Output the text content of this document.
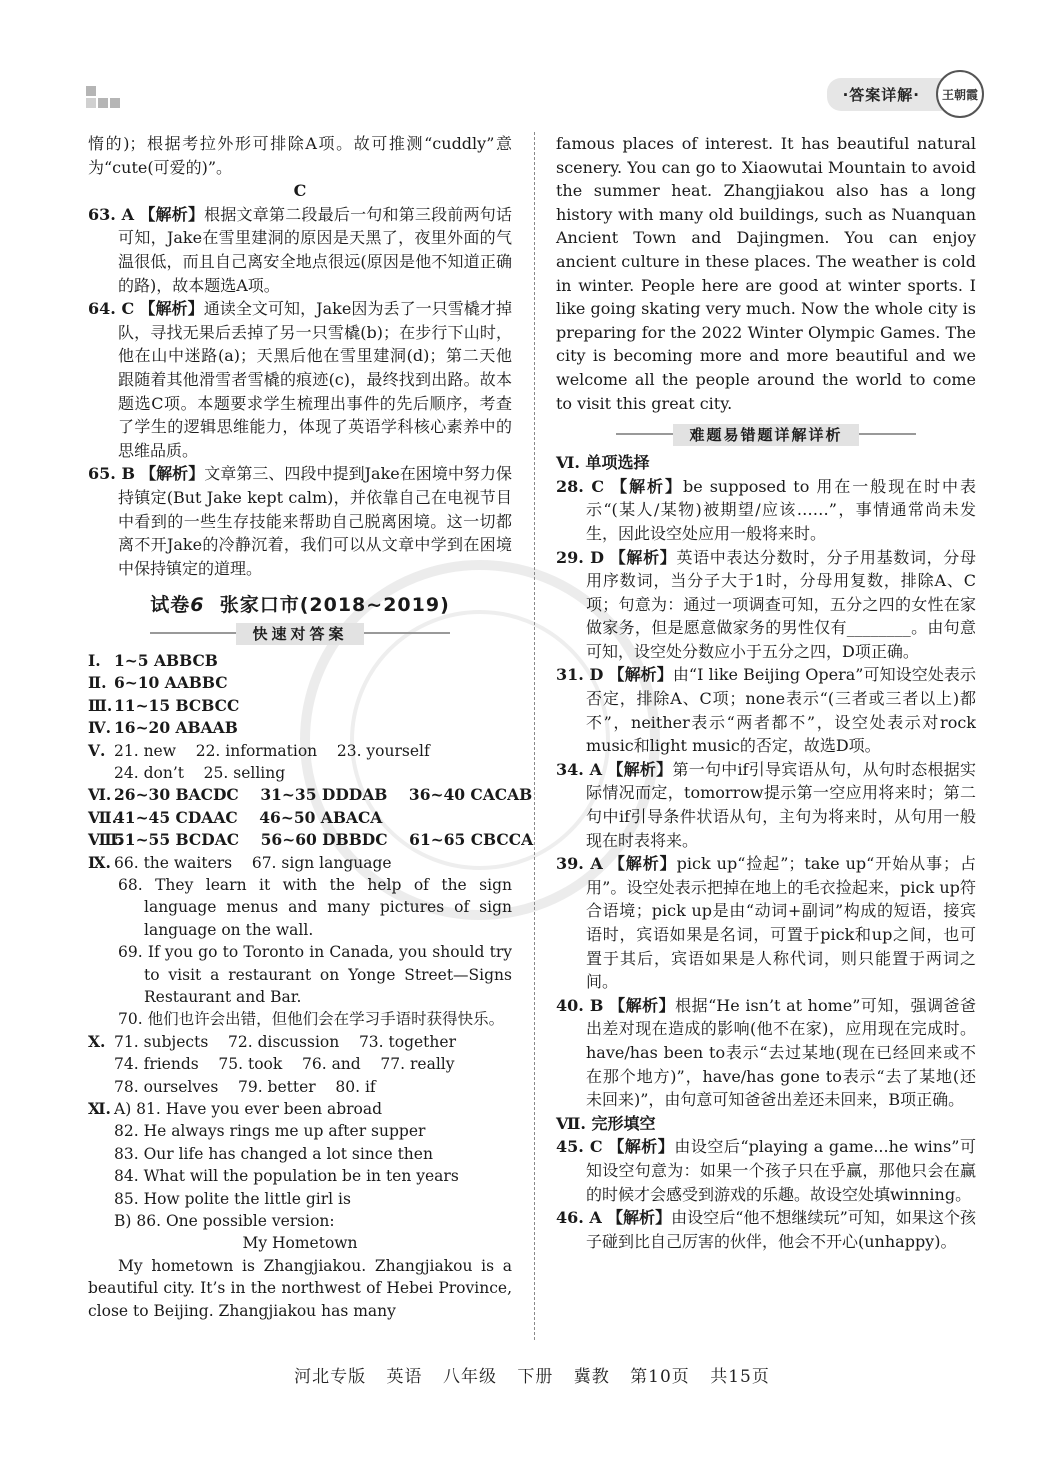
·答案详解·	王朝霞
惰的)；根据考拉外形可排除A项。故可推测“cuddly”意为“cute(可爱的)”。
C
63. A 【解析】根据文章第二段最后一句和第三段前两句话可知，Jake在雪里建洞的原因是天黑了，夜里外面的气温很低，而且自己离安全地点很远(原因是他不知道正确的路)，故本题选A项。
64. C 【解析】通读全文可知，Jake因为丢了一只雪橇才掉队，寻找无果后丢掉了另一只雪橇(b)；在步行下山时，他在山中迷路(a)；天黑后他在雪里建洞(d)；第二天他跟随着其他滑雪者雪橇的痕迹(c)，最终找到出路。故本题选C项。本题要求学生梳理出事件的先后顺序，考查了学生的逻辑思维能力，体现了英语学科核心素养中的思维品质。
65. B 【解析】文章第三、四段中提到Jake在困境中努力保持镇定(But Jake kept calm)，并依靠自己在电视节目中看到的一些生存技能来帮助自己脱离困境。这一切都离不开Jake的冷静沉着，我们可以从文章中学到在困境中保持镇定的道理。
试卷6 张家口市(2018~2019)
快速对答案
Ⅰ. 1~5 ABBCB
Ⅱ. 6~10 AABBC
Ⅲ. 11~15 BCBCC
Ⅳ. 16~20 ABAAB
Ⅴ. 21. new    22. information    23. yourself
24. don’t    25. selling
Ⅵ. 26~30 BACDC    31~35 DDDAB    36~40 CACAB
Ⅶ.
41~45 CDAAC    46~50 ABACA
Ⅷ.
51~55 BCDAC    56~60 DBBDC    61~65 CBCCA
Ⅸ. 66. the waiters    67. sign language
68. They learn it with the help of the sign language menus and many pictures of sign language on the wall.
69. If you go to Toronto in Canada, you should try to visit a restaurant on Yonge Street—Signs Restaurant and Bar.
70. 他们也许会出错，但他们会在学习手语时获得快乐。
Ⅹ. 71. subjects    72. discussion    73. together
74. friends    75. took    76. and    77. really
78. ourselves    79. better    80. if
Ⅺ. A) 81. Have you ever been abroad
82. He always rings me up after supper
83. Our life has changed a lot since then
84. What will the population be in ten years
85. How polite the little girl is
B) 86. One possible version:
My Hometown
My hometown is Zhangjiakou. Zhangjiakou is a beautiful city. It’s in the northwest of Hebei Province, close to Beijing. Zhangjiakou has many
famous places of interest. It has beautiful natural scenery. You can go to Xiaowutai Mountain to avoid the summer heat. Zhangjiakou also has a long history with many old buildings, such as Nuanquan Ancient Town and Dajingmen. You can enjoy ancient culture in these places. The weather is cold in winter. People here are good at winter sports. I like going skating very much. Now the whole city is preparing for the 2022 Winter Olympic Games. The city is becoming more and more beautiful and we welcome all the people around the world to come to visit this great city.
难题易错题详解详析
Ⅵ. 单项选择
28. C 【解析】be supposed to 用在一般现在时中表示“(某人/某物)被期望/应该……”，事情通常尚未发生，因此设空处应用一般将来时。
29. D 【解析】英语中表达分数时，分子用基数词，分母用序数词，当分子大于1时，分母用复数，排除A、C项；句意为：通过一项调查可知，五分之四的女性在家做家务，但是愿意做家务的男性仅有________。由句意可知，设空处分数应小于五分之四，D项正确。
31. D 【解析】由“I like Beijing Opera”可知设空处表示否定，排除A、C项；none表示“(三者或三者以上)都不”，neither表示“两者都不”，设空处表示对rock music和light music的否定，故选D项。
34. A 【解析】第一句中if引导宾语从句，从句时态根据实际情况而定，tomorrow提示第一空应用将来时；第二句中if引导条件状语从句，主句为将来时，从句用一般现在时表将来。
39. A 【解析】pick up“捡起”；take up“开始从事；占用”。设空处表示把掉在地上的毛衣捡起来，pick up符合语境；pick up是由“动词+副词”构成的短语，接宾语时，宾语如果是名词，可置于pick和up之间，也可置于其后，宾语如果是人称代词，则只能置于两词之间。
40. B 【解析】根据“He isn’t at home”可知，强调爸爸出差对现在造成的影响(他不在家)，应用现在完成时。have/has been to表示“去过某地(现在已经回来或不在那个地方)”，have/has gone to表示“去了某地(还未回来)”，由句意可知爸爸出差还未回来，B项正确。
Ⅶ. 完形填空
45. C 【解析】由设空后“playing a game...he wins”可知设空句意为：如果一个孩子只在乎赢，那他只会在赢的时候才会感受到游戏的乐趣。故设空处填winning。
46. A 【解析】由设空后“他不想继续玩”可知，如果这个孩子碰到比自己厉害的伙伴，他会不开心(unhappy)。
河北专版 英语 八年级 下册 冀教 第10页 共15页
